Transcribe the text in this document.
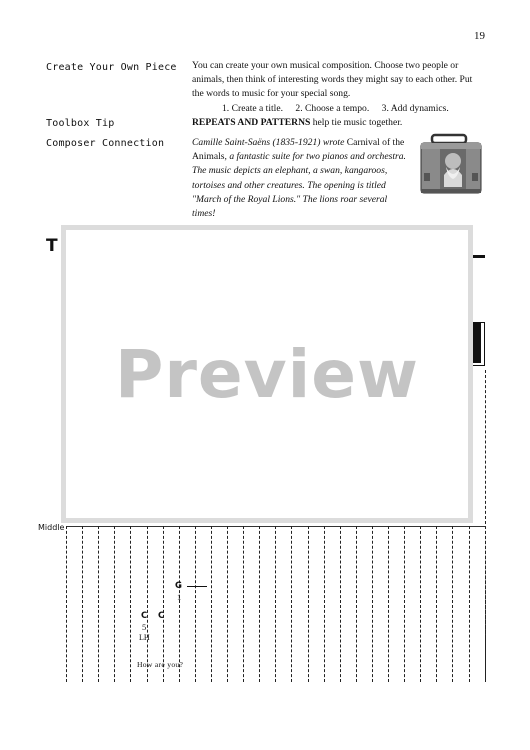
19
Create Your Own Piece You can create your own musical composition. Choose two people or animals, then think of interesting words they might say to each other. Put the words to music for your special song.
1. Create a title. 2. Choose a tempo. 3. Add dynamics.
Toolbox Tip	REPEATS AND PATTERNS help tie music together.
Composer Connection	Camille Saint-Saëns (1835-1921) wrote Carnival of the Animals, a fantastic suite for two pianos and orchestra. The music depicts an elephant, a swan, kangaroos, tortoises and other creatures. The opening is titled "March of the Royal Lions." The lions roar several times!
T
Preview
Middle
C
5
LH
C
G
1
How are you?
